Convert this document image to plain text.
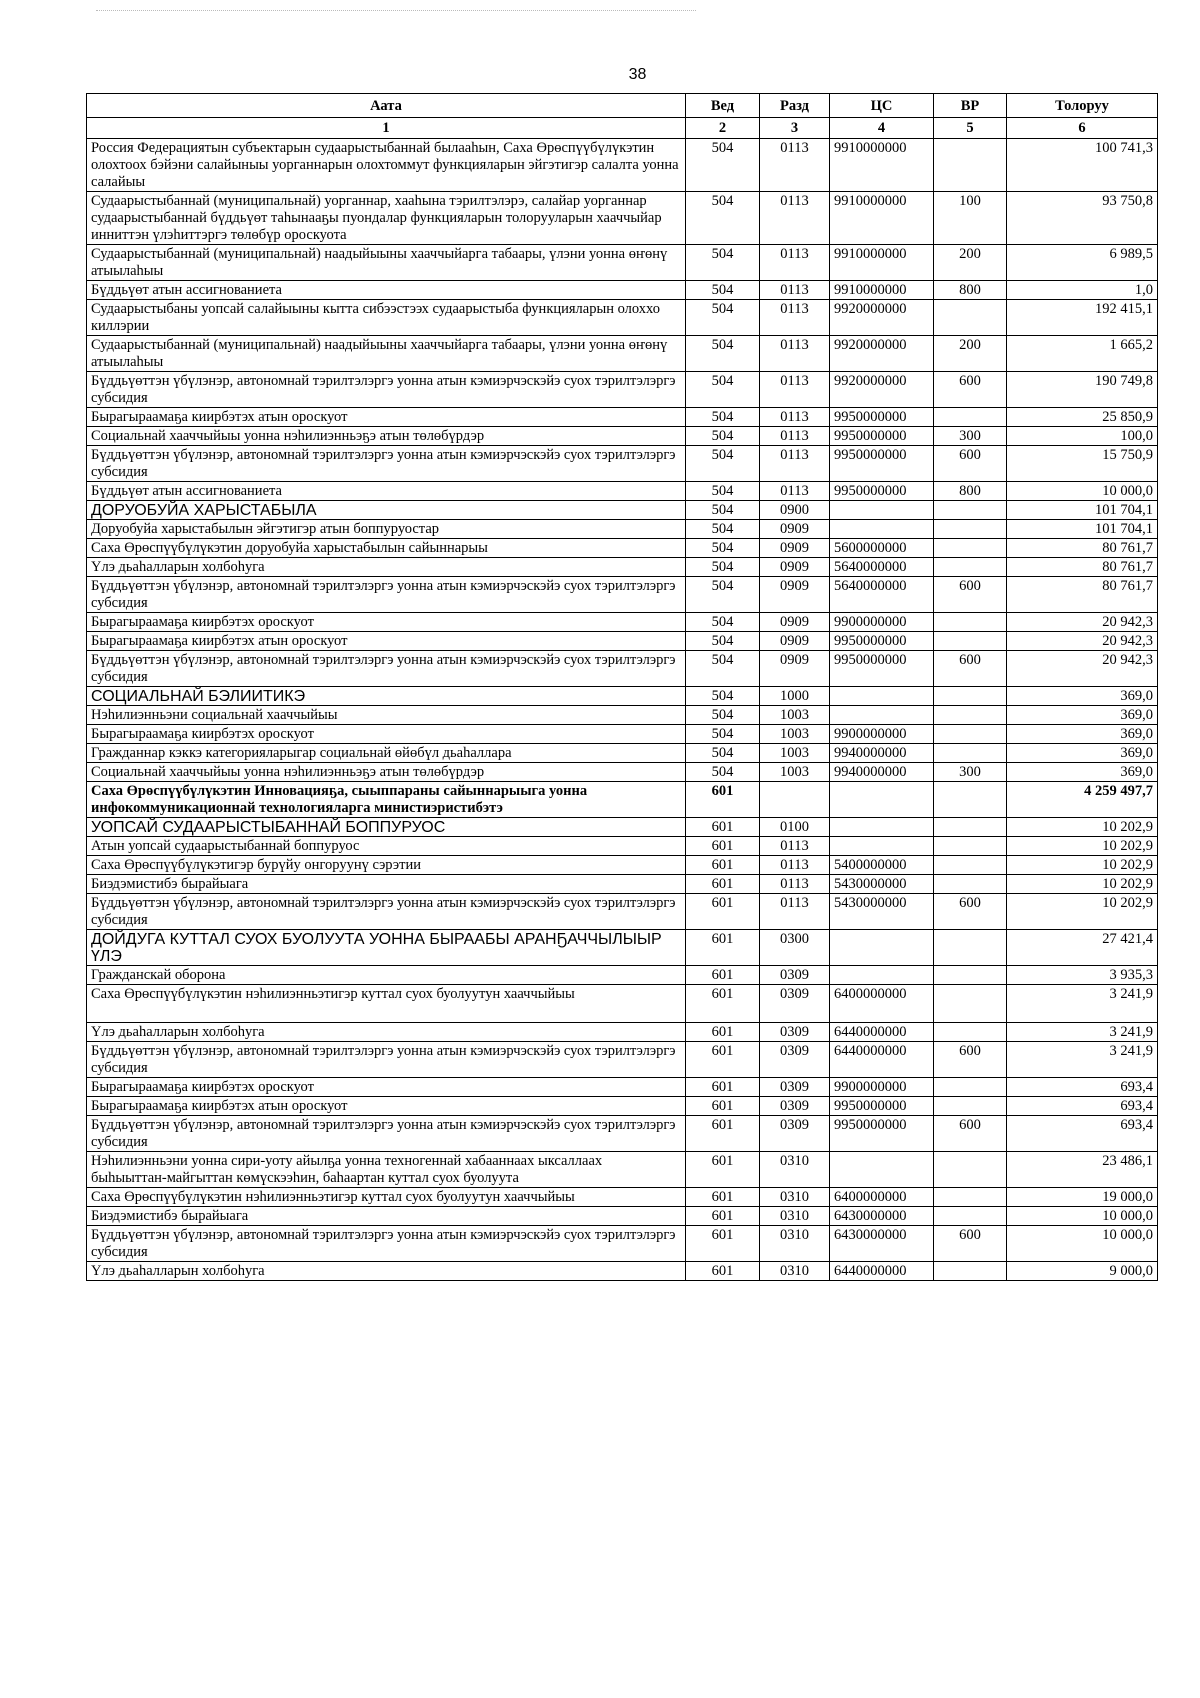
38
Аата	Вед	Разд	ЦС	ВР	Толоруу
1	2	3	4	5	6
Россия Федерациятын субъектарын судаарыстыбаннай былааһын, Саха Өрөспүүбүлүкэтин олохтоох бэйэни салайыныы уорганнарын олохтоммут функцияларын эйгэтигэр салалта уонна салайыы	504	0113	9910000000		100 741,3
Судаарыстыбаннай (муниципальнай) уорганнар, хааһына тэрилтэлэрэ, салайар уорганнар судаарыстыбаннай бүддьүөт таһынааҕы пуондалар функцияларын толорууларын хааччыйар инниттэн үлэһиттэргэ төлөбүр ороскуота	504	0113	9910000000	100	93 750,8
Судаарыстыбаннай (муниципальнай) наадыйыыны хааччыйарга табаары, үлэни уонна өҥөнү атыылаһыы	504	0113	9910000000	200	6 989,5
Бүддьүөт атын ассигнованиета	504	0113	9910000000	800	1,0
Судаарыстыбаны уопсай салайыыны кытта сибээстээх судаарыстыба функцияларын олоххо киллэрии	504	0113	9920000000		192 415,1
Судаарыстыбаннай (муниципальнай) наадыйыыны хааччыйарга табаары, үлэни уонна өҥөнү атыылаһыы	504	0113	9920000000	200	1 665,2
Бүддьүөттэн үбүлэнэр, автономнай тэрилтэлэргэ уонна атын кэмиэрчэскэйэ суох тэрилтэлэргэ субсидия	504	0113	9920000000	600	190 749,8
Бырагыраамаҕа киирбэтэх атын ороскуот	504	0113	9950000000		25 850,9
Социальнай хааччыйыы уонна нэһилиэнньэҕэ атын төлөбүрдэр	504	0113	9950000000	300	100,0
Бүддьүөттэн үбүлэнэр, автономнай тэрилтэлэргэ уонна атын кэмиэрчэскэйэ суох тэрилтэлэргэ субсидия	504	0113	9950000000	600	15 750,9
Бүддьүөт атын ассигнованиета	504	0113	9950000000	800	10 000,0
ДОРУОБУЙА ХАРЫСТАБЫЛА	504	0900			101 704,1
Доруобуйа харыстабылын эйгэтигэр атын боппуруостар	504	0909			101 704,1
Саха Өрөспүүбүлүкэтин доруобуйа харыстабылын сайыннарыы	504	0909	5600000000		80 761,7
Үлэ дьаһалларын холбоһуга	504	0909	5640000000		80 761,7
Бүддьүөттэн үбүлэнэр, автономнай тэрилтэлэргэ уонна атын кэмиэрчэскэйэ суох тэрилтэлэргэ субсидия	504	0909	5640000000	600	80 761,7
Бырагыраамаҕа киирбэтэх ороскуот	504	0909	9900000000		20 942,3
Бырагыраамаҕа киирбэтэх атын ороскуот	504	0909	9950000000		20 942,3
Бүддьүөттэн үбүлэнэр, автономнай тэрилтэлэргэ уонна атын кэмиэрчэскэйэ суох тэрилтэлэргэ субсидия	504	0909	9950000000	600	20 942,3
СОЦИАЛЬНАЙ БЭЛИИТИКЭ	504	1000			369,0
Нэһилиэнньэни социальнай хааччыйыы	504	1003			369,0
Бырагыраамаҕа киирбэтэх ороскуот	504	1003	9900000000		369,0
Гражданнар кэккэ категорияларыгар социальнай өйөбүл дьаһаллара	504	1003	9940000000		369,0
Социальнай хааччыйыы уонна нэһилиэнньэҕэ атын төлөбүрдэр	504	1003	9940000000	300	369,0
Саха Өрөспүүбүлүкэтин Инновацияҕа, сыыппараны сайыннарыыга уонна инфокоммуникационнай технологияларга министиэристибэтэ	601				4 259 497,7
УОПСАЙ СУДААРЫСТЫБАННАЙ БОППУРУОС	601	0100			10 202,9
Атын уопсай судаарыстыбаннай боппуруос	601	0113			10 202,9
Саха Өрөспүүбүлүкэтигэр бурүйу онгоруунү сэрэтии	601	0113	5400000000		10 202,9
Биэдэмистибэ бырайыага	601	0113	5430000000		10 202,9
Бүддьүөттэн үбүлэнэр, автономнай тэрилтэлэргэ уонна атын кэмиэрчэскэйэ суох тэрилтэлэргэ субсидия	601	0113	5430000000	600	10 202,9
ДОЙДУГА КУТТАЛ СУОХ БУОЛУУТА УОННА БЫРААБЫ АРАНҔАЧЧЫЛЫЫР ҮЛЭ	601	0300			27 421,4
Гражданскай оборона	601	0309			3 935,3
Саха Өрөспүүбүлүкэтин нэһилиэнньэтигэр куттал суох буолуутун хааччыйыы	601	0309	6400000000		3 241,9
Үлэ дьаһалларын холбоһуга	601	0309	6440000000		3 241,9
Бүддьүөттэн үбүлэнэр, автономнай тэрилтэлэргэ уонна атын кэмиэрчэскэйэ суох тэрилтэлэргэ субсидия	601	0309	6440000000	600	3 241,9
Бырагыраамаҕа киирбэтэх ороскуот	601	0309	9900000000		693,4
Бырагыраамаҕа киирбэтэх атын ороскуот	601	0309	9950000000		693,4
Бүддьүөттэн үбүлэнэр, автономнай тэрилтэлэргэ уонна атын кэмиэрчэскэйэ суох тэрилтэлэргэ субсидия	601	0309	9950000000	600	693,4
Нэһилиэнньэни уонна сири-уоту айылҕа уонна техногеннай хабааннаах ыксаллаах быһыыттан-майгыттан көмүскээһин, баһаартан куттал суох буолуута	601	0310			23 486,1
Саха Өрөспүүбүлүкэтин нэһилиэнньэтигэр куттал суох буолуутун хааччыйыы	601	0310	6400000000		19 000,0
Биэдэмистибэ бырайыага	601	0310	6430000000		10 000,0
Бүддьүөттэн үбүлэнэр, автономнай тэрилтэлэргэ уонна атын кэмиэрчэскэйэ суох тэрилтэлэргэ субсидия	601	0310	6430000000	600	10 000,0
Үлэ дьаһалларын холбоһуга	601	0310	6440000000		9 000,0
